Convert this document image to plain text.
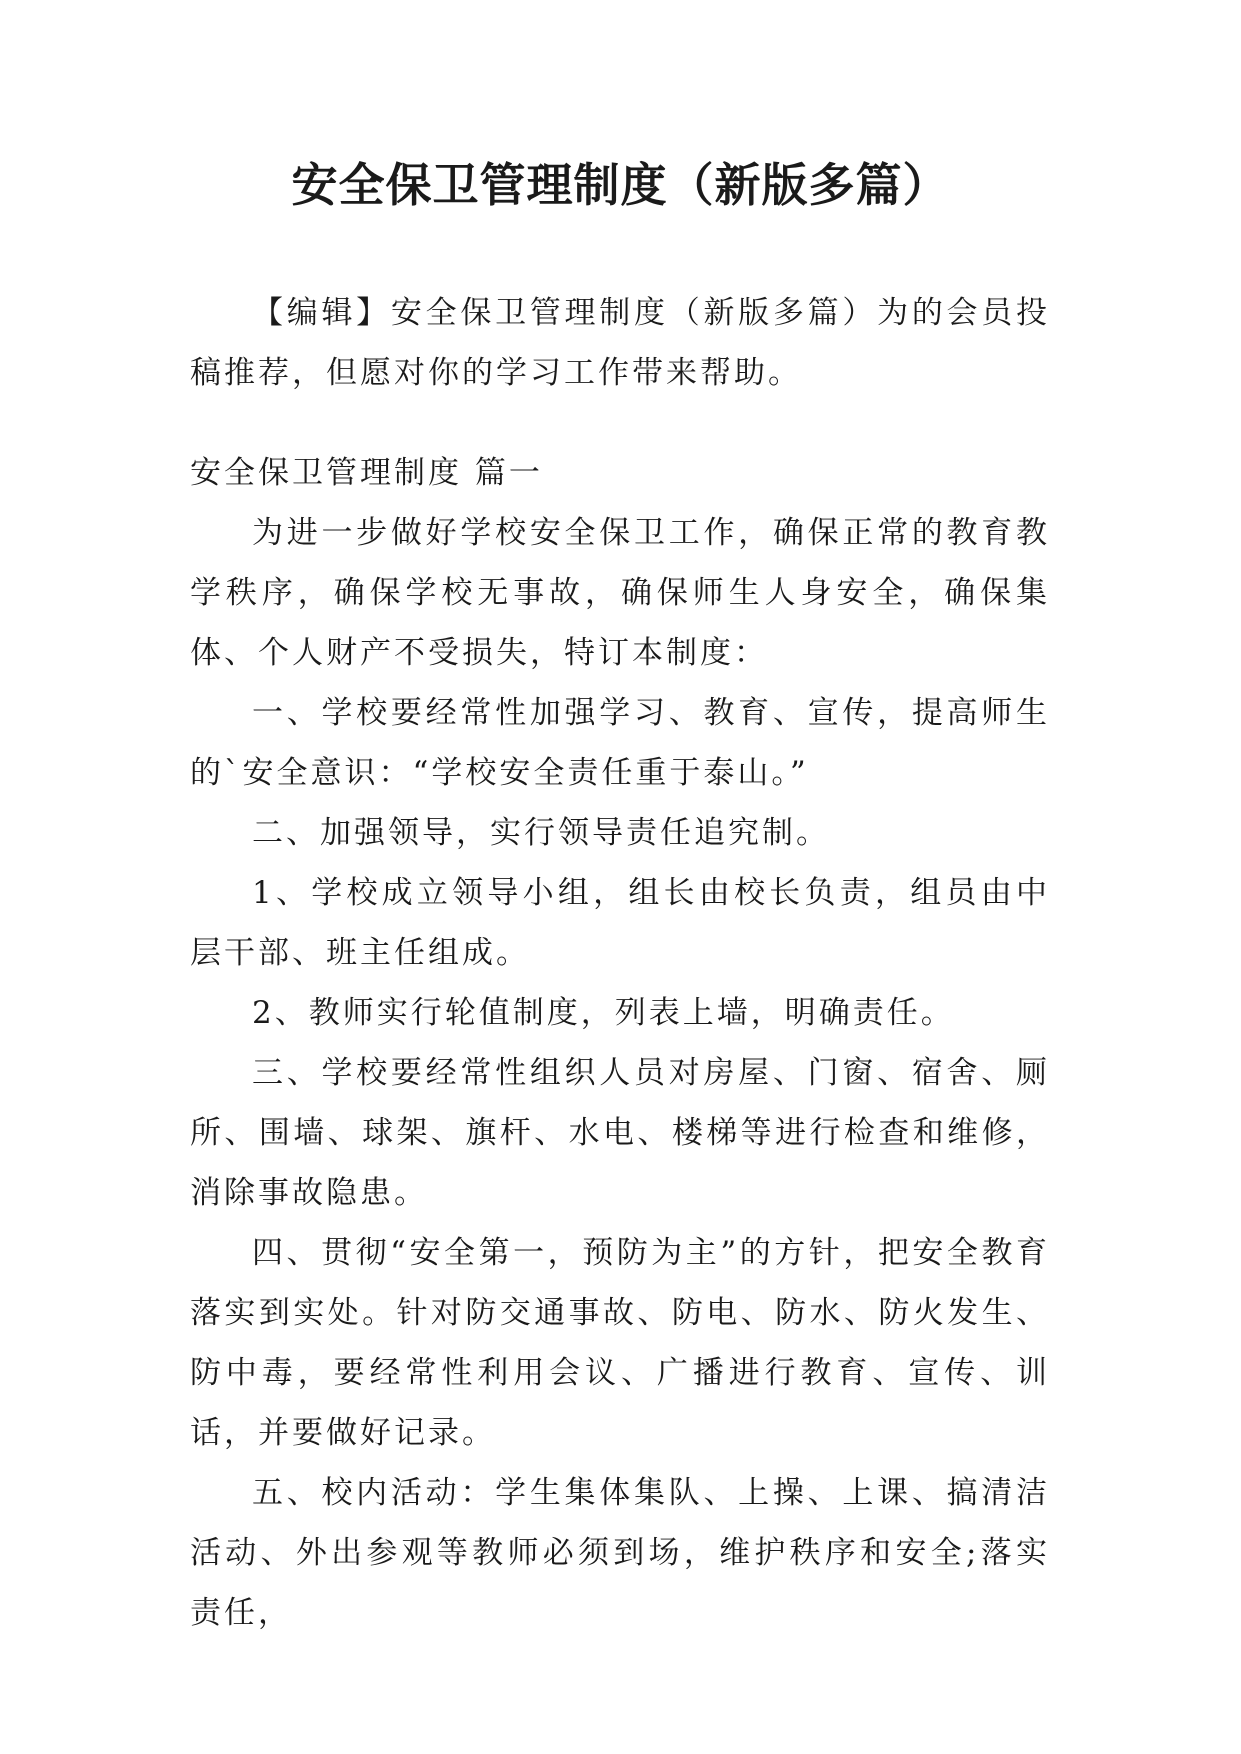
安全保卫管理制度（新版多篇）

【编辑】安全保卫管理制度（新版多篇）为的会员投稿推荐，但愿对你的学习工作带来帮助。

安全保卫管理制度 篇一

为进一步做好学校安全保卫工作，确保正常的教育教学秩序，确保学校无事故，确保师生人身安全，确保集体、个人财产不受损失，特订本制度：

一、学校要经常性加强学习、教育、宣传，提高师生的`安全意识：“学校安全责任重于泰山。”

二、加强领导，实行领导责任追究制。

1、学校成立领导小组，组长由校长负责，组员由中层干部、班主任组成。

2、教师实行轮值制度，列表上墙，明确责任。

三、学校要经常性组织人员对房屋、门窗、宿舍、厕所、围墙、球架、旗杆、水电、楼梯等进行检查和维修，消除事故隐患。

四、贯彻“安全第一，预防为主”的方针，把安全教育落实到实处。针对防交通事故、防电、防水、防火发生、防中毒，要经常性利用会议、广播进行教育、宣传、训话，并要做好记录。

五、校内活动：学生集体集队、上操、上课、搞清洁活动、外出参观等教师必须到场，维护秩序和安全;落实责任，
